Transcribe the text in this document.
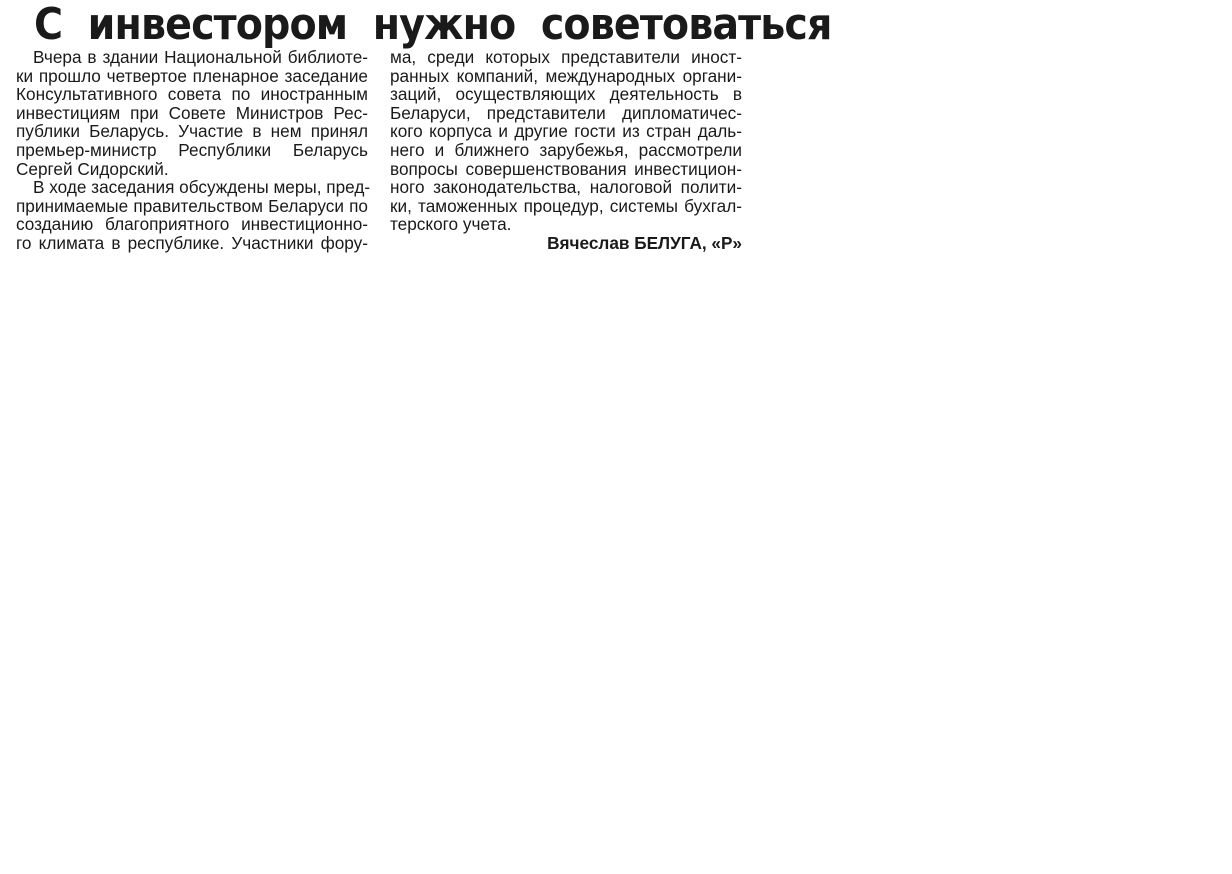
С инвестором нужно советоваться
Вчера в здании Национальной библиоте-
ки прошло четвертое пленарное заседание
Консультативного совета по иностранным
инвестициям при Совете Министров Рес-
публики Беларусь. Участие в нем принял
премьер-министр Республики Беларусь
Сергей Сидорский.
В ходе заседания обсуждены меры, пред-
принимаемые правительством Беларуси по
созданию благоприятного инвестиционно-
го климата в республике. Участники фору-
ма, среди которых представители иност-
ранных компаний, международных органи-
заций, осуществляющих деятельность в
Беларуси, представители дипломатичес-
кого корпуса и другие гости из стран даль-
него и ближнего зарубежья, рассмотрели
вопросы совершенствования инвестицион-
ного законодательства, налоговой полити-
ки, таможенных процедур, системы бухгал-
терского учета.
Вячеслав БЕЛУГА, «Р»
